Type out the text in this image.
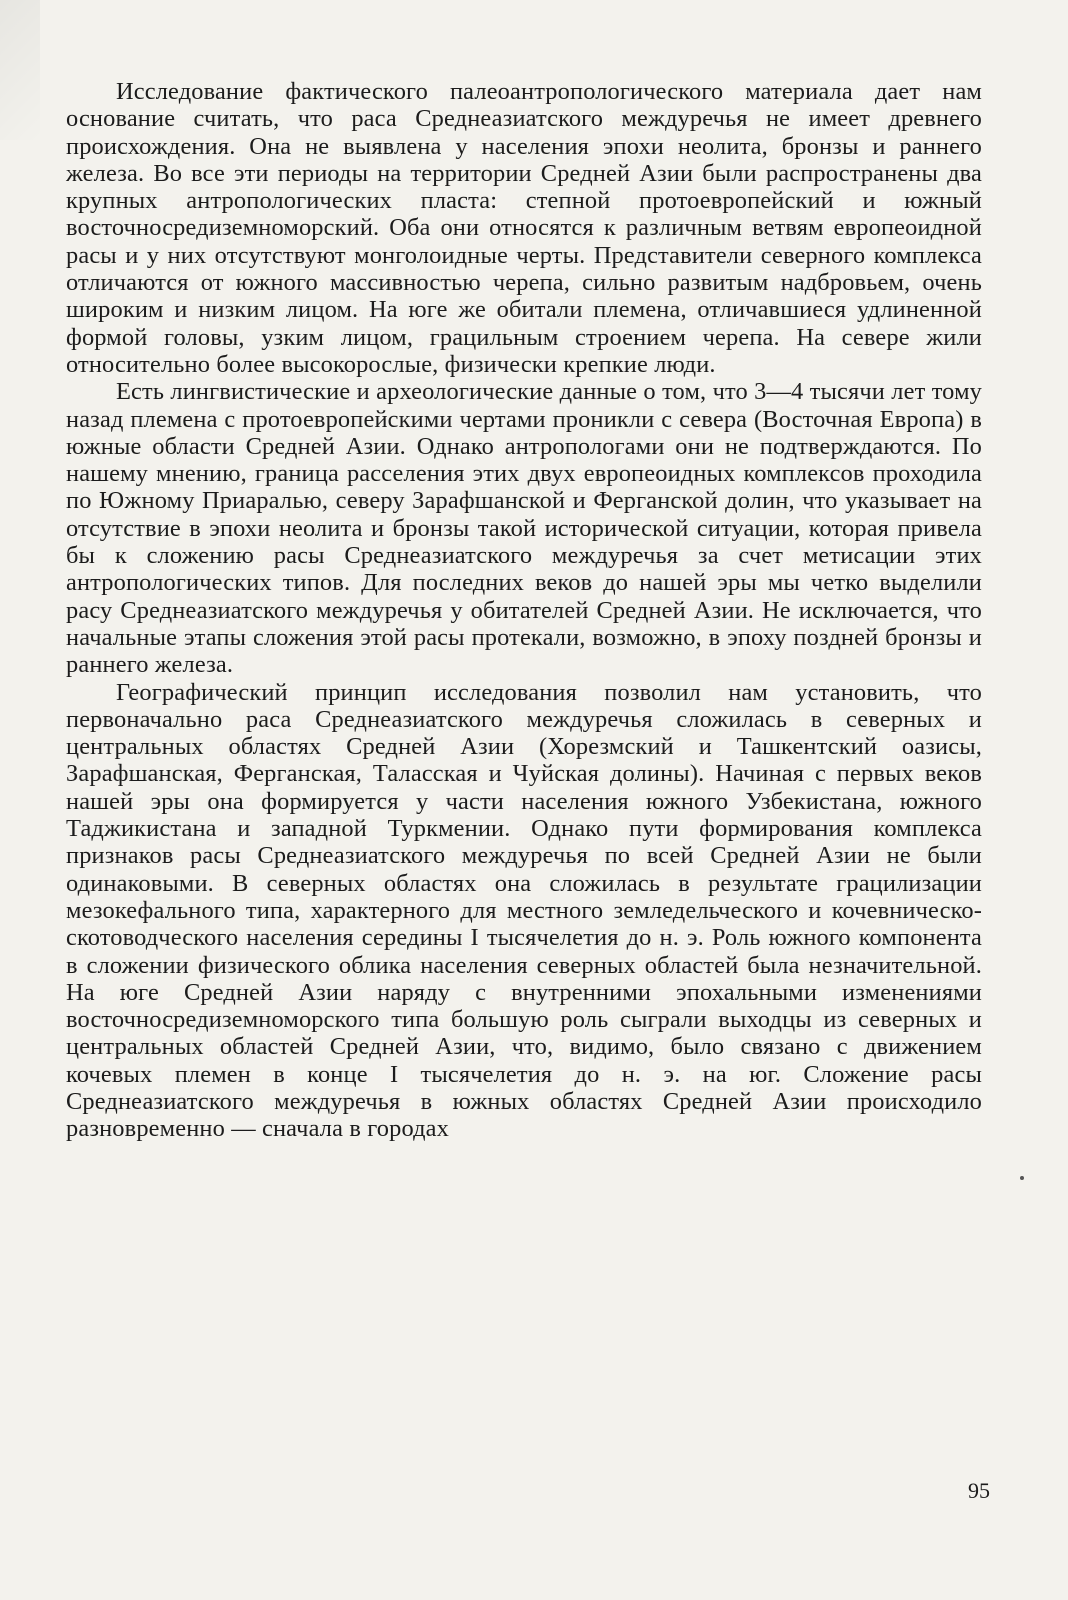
Исследование фактического палеоантропологического материала дает нам основание считать, что раса Среднеазиатского междуречья не имеет древнего происхождения. Она не выявлена у населения эпохи неолита, бронзы и раннего железа. Во все эти периоды на территории Средней Азии были распространены два крупных антропологических пласта: степной протоевропейский и южный восточносредиземноморский. Оба они относятся к различным ветвям европеоидной расы и у них отсутствуют монголоидные черты. Представители северного комплекса отличаются от южного массивностью черепа, сильно развитым надбровьем, очень широким и низким лицом. На юге же обитали племена, отличавшиеся удлиненной формой головы, узким лицом, грацильным строением черепа. На севере жили относительно более высокорослые, физически крепкие люди.

Есть лингвистические и археологические данные о том, что 3—4 тысячи лет тому назад племена с протоевропейскими чертами проникли с севера (Восточная Европа) в южные области Средней Азии. Однако антропологами они не подтверждаются. По нашему мнению, граница расселения этих двух европеоидных комплексов проходила по Южному Приаралью, северу Зарафшанской и Ферганской долин, что указывает на отсутствие в эпохи неолита и бронзы такой исторической ситуации, которая привела бы к сложению расы Среднеазиатского междуречья за счет метисации этих антропологических типов. Для последних веков до нашей эры мы четко выделили расу Среднеазиатского междуречья у обитателей Средней Азии. Не исключается, что начальные этапы сложения этой расы протекали, возможно, в эпоху поздней бронзы и раннего железа.

Географический принцип исследования позволил нам установить, что первоначально раса Среднеазиатского междуречья сложилась в северных и центральных областях Средней Азии (Хорезмский и Ташкентский оазисы, Зарафшанская, Ферганская, Таласская и Чуйская долины). Начиная с первых веков нашей эры она формируется у части населения южного Узбекистана, южного Таджикистана и западной Туркмении. Однако пути формирования комплекса признаков расы Среднеазиатского междуречья по всей Средней Азии не были одинаковыми. В северных областях она сложилась в результате грацилизации мезокефального типа, характерного для местного земледельческого и кочевническо-скотоводческого населения середины I тысячелетия до н. э. Роль южного компонента в сложении физического облика населения северных областей была незначительной. На юге Средней Азии наряду с внутренними эпохальными изменениями восточносредиземноморского типа большую роль сыграли выходцы из северных и центральных областей Средней Азии, что, видимо, было связано с движением кочевых племен в конце I тысячелетия до н. э. на юг. Сложение расы Среднеазиатского междуречья в южных областях Средней Азии происходило разновременно — сначала в городах

95
